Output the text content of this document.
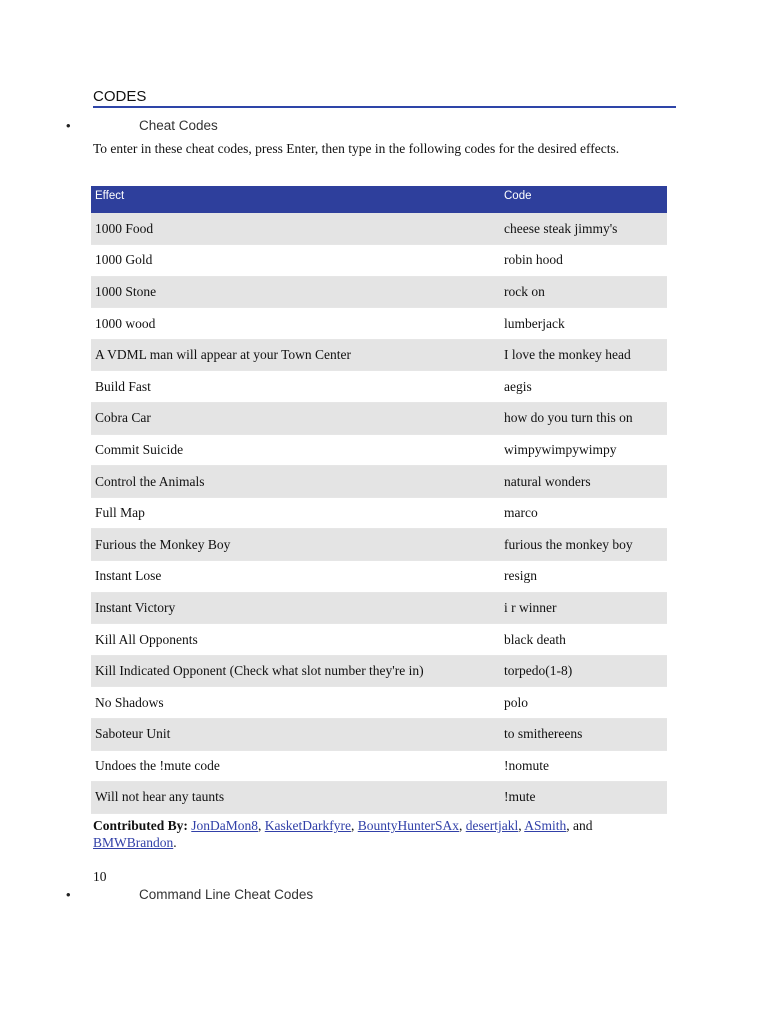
CODES
•	Cheat Codes
To enter in these cheat codes, press Enter, then type in the following codes for the desired effects.
Effect	Code
1000 Food	cheese steak jimmy's
1000 Gold	robin hood
1000 Stone	rock on
1000 wood	lumberjack
A VDML man will appear at your Town Center	I love the monkey head
Build Fast	aegis
Cobra Car	how do you turn this on
Commit Suicide	wimpywimpywimpy
Control the Animals	natural wonders
Full Map	marco
Furious the Monkey Boy	furious the monkey boy
Instant Lose	resign
Instant Victory	i r winner
Kill All Opponents	black death
Kill Indicated Opponent (Check what slot number they're in)	torpedo(1-8)
No Shadows	polo
Saboteur Unit	to smithereens
Undoes the !mute code	!nomute
Will not hear any taunts	!mute
Contributed By: JonDaMon8, KasketDarkfyre, BountyHunterSAx, desertjakl, ASmith, and BMWBrandon.
10
•	Command Line Cheat Codes
